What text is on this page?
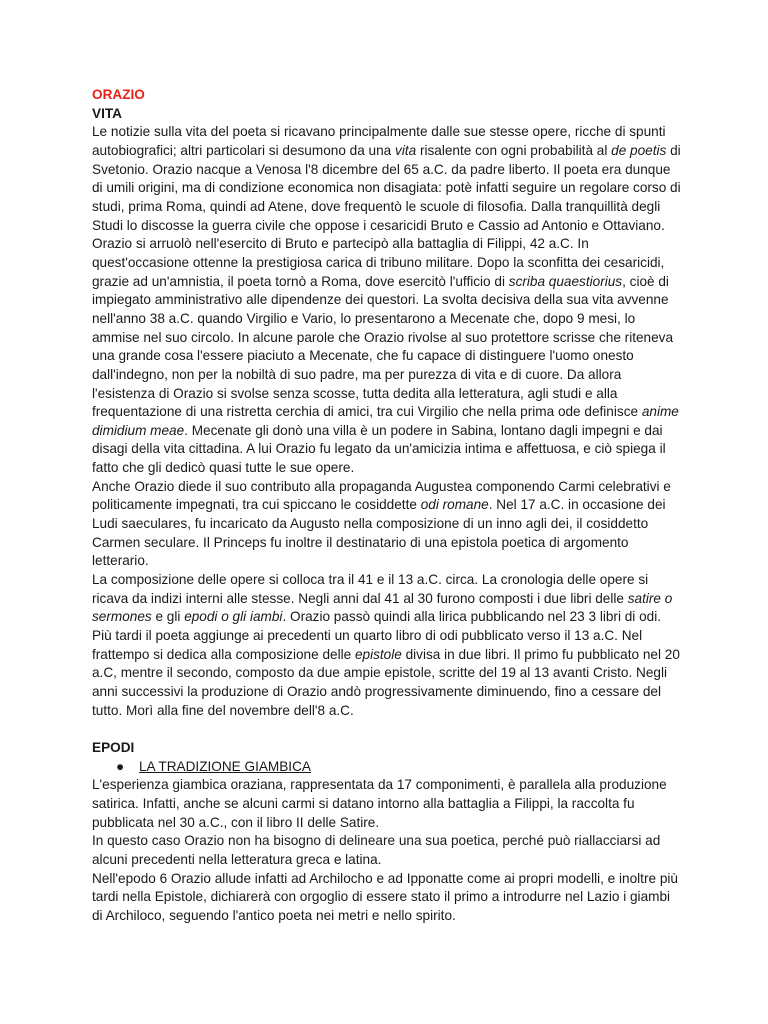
ORAZIO
VITA

Le notizie sulla vita del poeta si ricavano principalmente dalle sue stesse opere, ricche di spunti autobiografici; altri particolari si desumono da una vita risalente con ogni probabilità al de poetis di Svetonio. Orazio nacque a Venosa l'8 dicembre del 65 a.C. da padre liberto. Il poeta era dunque di umili origini, ma di condizione economica non disagiata: potè infatti seguire un regolare corso di studi, prima Roma, quindi ad Atene, dove frequentò le scuole di filosofia. Dalla tranquillità degli Studi lo discosse la guerra civile che oppose i cesaricidi Bruto e Cassio ad Antonio e Ottaviano. Orazio si arruolò nell'esercito di Bruto e partecipò alla battaglia di Filippi, 42 a.C. In quest'occasione ottenne la prestigiosa carica di tribuno militare. Dopo la sconfitta dei cesaricidi, grazie ad un'amnistia, il poeta tornò a Roma, dove esercitò l'ufficio di scriba quaestiorius, cioè di impiegato amministrativo alle dipendenze dei questori. La svolta decisiva della sua vita avvenne nell'anno 38 a.C. quando Virgilio e Vario, lo presentarono a Mecenate che, dopo 9 mesi, lo ammise nel suo circolo. In alcune parole che Orazio rivolse al suo protettore scrisse che riteneva una grande cosa l'essere piaciuto a Mecenate, che fu capace di distinguere l'uomo onesto dall'indegno, non per la nobiltà di suo padre, ma per purezza di vita e di cuore. Da allora l'esistenza di Orazio si svolse senza scosse, tutta dedita alla letteratura, agli studi e alla frequentazione di una ristretta cerchia di amici, tra cui Virgilio che nella prima ode definisce anime dimidium meae. Mecenate gli donò una villa è un podere in Sabina, lontano dagli impegni e dai disagi della vita cittadina. A lui Orazio fu legato da un'amicizia intima e affettuosa, e ciò spiega il fatto che gli dedicò quasi tutte le sue opere.

Anche Orazio diede il suo contributo alla propaganda Augustea componendo Carmi celebrativi e politicamente impegnati, tra cui spiccano le cosiddette odi romane. Nel 17 a.C. in occasione dei Ludi saeculares, fu incaricato da Augusto nella composizione di un inno agli dei, il cosiddetto Carmen seculare. Il Princeps fu inoltre il destinatario di una epistola poetica di argomento letterario.

La composizione delle opere si colloca tra il 41 e il 13 a.C. circa. La cronologia delle opere si ricava da indizi interni alle stesse. Negli anni dal 41 al 30 furono composti i due libri delle satire o sermones e gli epodi o gli iambi. Orazio passò quindi alla lirica pubblicando nel 23 3 libri di odi.

Più tardi il poeta aggiunge ai precedenti un quarto libro di odi pubblicato verso il 13 a.C. Nel frattempo si dedica alla composizione delle epistole divisa in due libri. Il primo fu pubblicato nel 20 a.C, mentre il secondo, composto da due ampie epistole, scritte del 19 al 13 avanti Cristo. Negli anni successivi la produzione di Orazio andò progressivamente diminuendo, fino a cessare del tutto. Morì alla fine del novembre dell'8 a.C.

EPODI
● LA TRADIZIONE GIAMBICA

L'esperienza giambica oraziana, rappresentata da 17 componimenti, è parallela alla produzione satirica. Infatti, anche se alcuni carmi si datano intorno alla battaglia a Filippi, la raccolta fu pubblicata nel 30 a.C., con il libro II delle Satire.

In questo caso Orazio non ha bisogno di delineare una sua poetica, perché può riallacciarsi ad alcuni precedenti nella letteratura greca e latina.

Nell'epodo 6 Orazio allude infatti ad Archilocho e ad Ipponatte come ai propri modelli, e inoltre più tardi nella Epistole, dichiarerà con orgoglio di essere stato il primo a introdurre nel Lazio i giambi di Archiloco, seguendo l'antico poeta nei metri e nello spirito.
